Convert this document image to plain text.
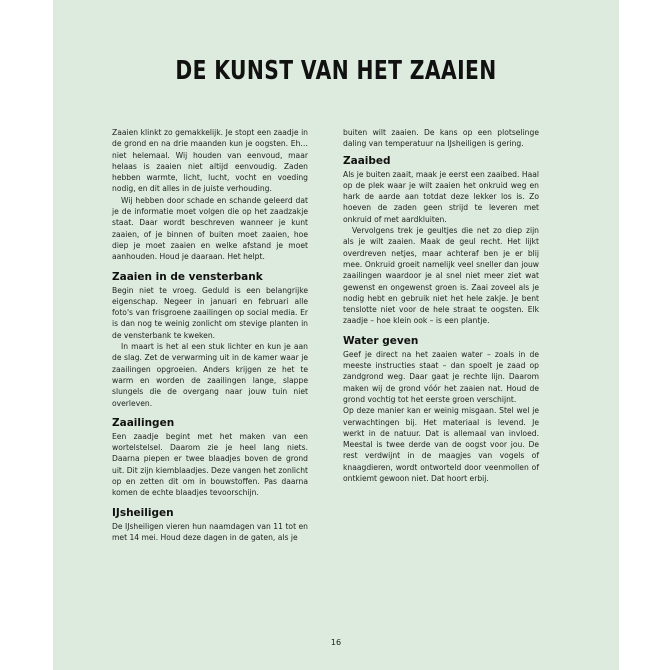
DE KUNST VAN HET ZAAIEN

Zaaien klinkt zo gemakkelijk. Je stopt een zaadje in de grond en na drie maanden kun je oogsten. Eh… niet helemaal. Wij houden van eenvoud, maar helaas is zaaien niet altijd eenvoudig. Zaden hebben warmte, licht, lucht, vocht en voeding nodig, en dit alles in de juiste verhouding.

Wij hebben door schade en schande geleerd dat je de informatie moet volgen die op het zaadzakje staat. Daar wordt beschreven wanneer je kunt zaaien, of je binnen of buiten moet zaaien, hoe diep je moet zaaien en welke afstand je moet aanhouden. Houd je daaraan. Het helpt.

Zaaien in de vensterbank

Begin niet te vroeg. Geduld is een belangrijke eigenschap. Negeer in januari en februari alle foto's van frisgroene zaailingen op social media. Er is dan nog te weinig zonlicht om stevige planten in de vensterbank te kweken.

In maart is het al een stuk lichter en kun je aan de slag. Zet de verwarming uit in de kamer waar je zaailingen opgroeien. Anders krijgen ze het te warm en worden de zaailingen lange, slappe slungels die de overgang naar jouw tuin niet overleven.

Zaailingen

Een zaadje begint met het maken van een wortelstelsel. Daarom zie je heel lang niets. Daarna piepen er twee blaadjes boven de grond uit. Dit zijn kiemblaadjes. Deze vangen het zonlicht op en zetten dit om in bouwstoffen. Pas daarna komen de echte blaadjes tevoorschijn.

IJsheiligen

De IJsheiligen vieren hun naamdagen van 11 tot en met 14 mei. Houd deze dagen in de gaten, als je

buiten wilt zaaien. De kans op een plotselinge daling van temperatuur na IJsheiligen is gering.

Zaaibed

Als je buiten zaait, maak je eerst een zaaibed. Haal op de plek waar je wilt zaaien het onkruid weg en hark de aarde aan totdat deze lekker los is. Zo hoeven de zaden geen strijd te leveren met onkruid of met aardkluiten.

Vervolgens trek je geultjes die net zo diep zijn als je wilt zaaien. Maak de geul recht. Het lijkt overdreven netjes, maar achteraf ben je er blij mee. Onkruid groeit namelijk veel sneller dan jouw zaailingen waardoor je al snel niet meer ziet wat gewenst en ongewenst groen is. Zaai zoveel als je nodig hebt en gebruik niet het hele zakje. Je bent tenslotte niet voor de hele straat te oogsten. Elk zaadje – hoe klein ook – is een plantje.

Water geven

Geef je direct na het zaaien water – zoals in de meeste instructies staat – dan spoelt je zaad op zandgrond weg. Daar gaat je rechte lijn. Daarom maken wij de grond vóór het zaaien nat. Houd de grond vochtig tot het eerste groen verschijnt.

Op deze manier kan er weinig misgaan. Stel wel je verwachtingen bij. Het materiaal is levend. Je werkt in de natuur. Dat is allemaal van invloed. Meestal is twee derde van de oogst voor jou. De rest verdwijnt in de maagjes van vogels of knaagdieren, wordt ontworteld door veenmollen of ontkiemt gewoon niet. Dat hoort erbij.

16
